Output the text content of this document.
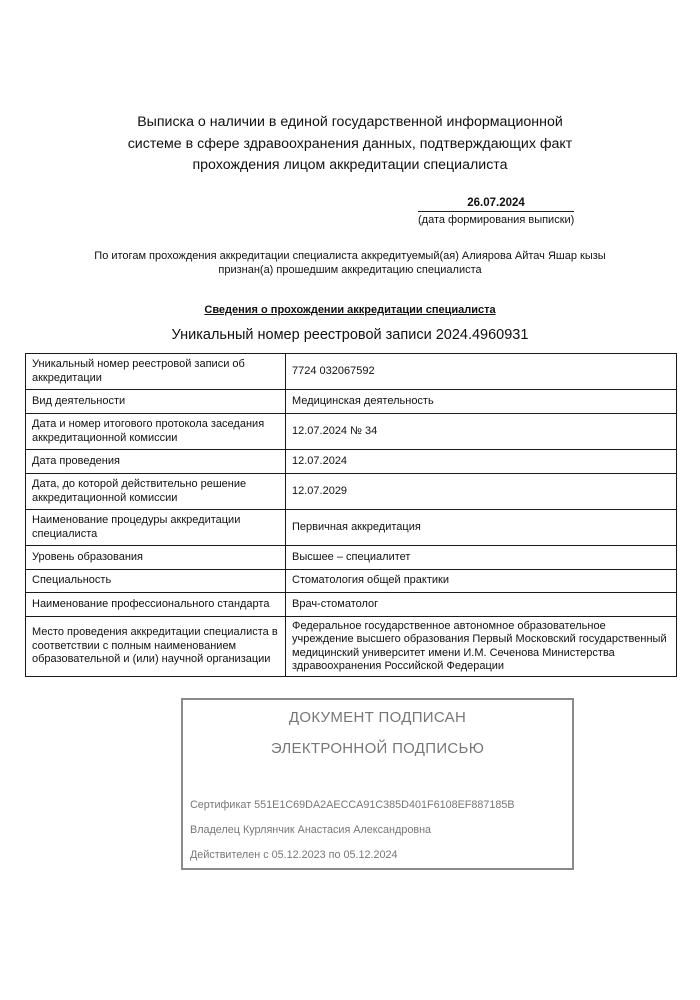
Выписка о наличии в единой государственной информационной
системе в сфере здравоохранения данных, подтверждающих факт
прохождения лицом аккредитации специалиста
26.07.2024
(дата формирования выписки)
По итогам прохождения аккредитации специалиста аккредитуемый(ая) Алиярова Айтач Яшар кызы
признан(а) прошедшим аккредитацию специалиста
Сведения о прохождении аккредитации специалиста
Уникальный номер реестровой записи 2024.4960931
Уникальный номер реестровой записи об аккредитации	7724 032067592
Вид деятельности	Медицинская деятельность
Дата и номер итогового протокола заседания аккредитационной комиссии	12.07.2024 № 34
Дата проведения	12.07.2024
Дата, до которой действительно решение аккредитационной комиссии	12.07.2029
Наименование процедуры аккредитации специалиста	Первичная аккредитация
Уровень образования	Высшее – специалитет
Специальность	Стоматология общей практики
Наименование профессионального стандарта	Врач-стоматолог
Место проведения аккредитации специалиста в соответствии с полным наименованием образовательной и (или) научной организации	Федеральное государственное автономное образовательное учреждение высшего образования Первый Московский государственный медицинский университет имени И.М. Сеченова Министерства здравоохранения Российской Федерации
ДОКУМЕНТ ПОДПИСАН
ЭЛЕКТРОННОЙ ПОДПИСЬЮ
Сертификат 551E1C69DA2AECCA91C385D401F6108EF887185B
Владелец Курлянчик Анастасия Александровна
Действителен с 05.12.2023 по 05.12.2024
